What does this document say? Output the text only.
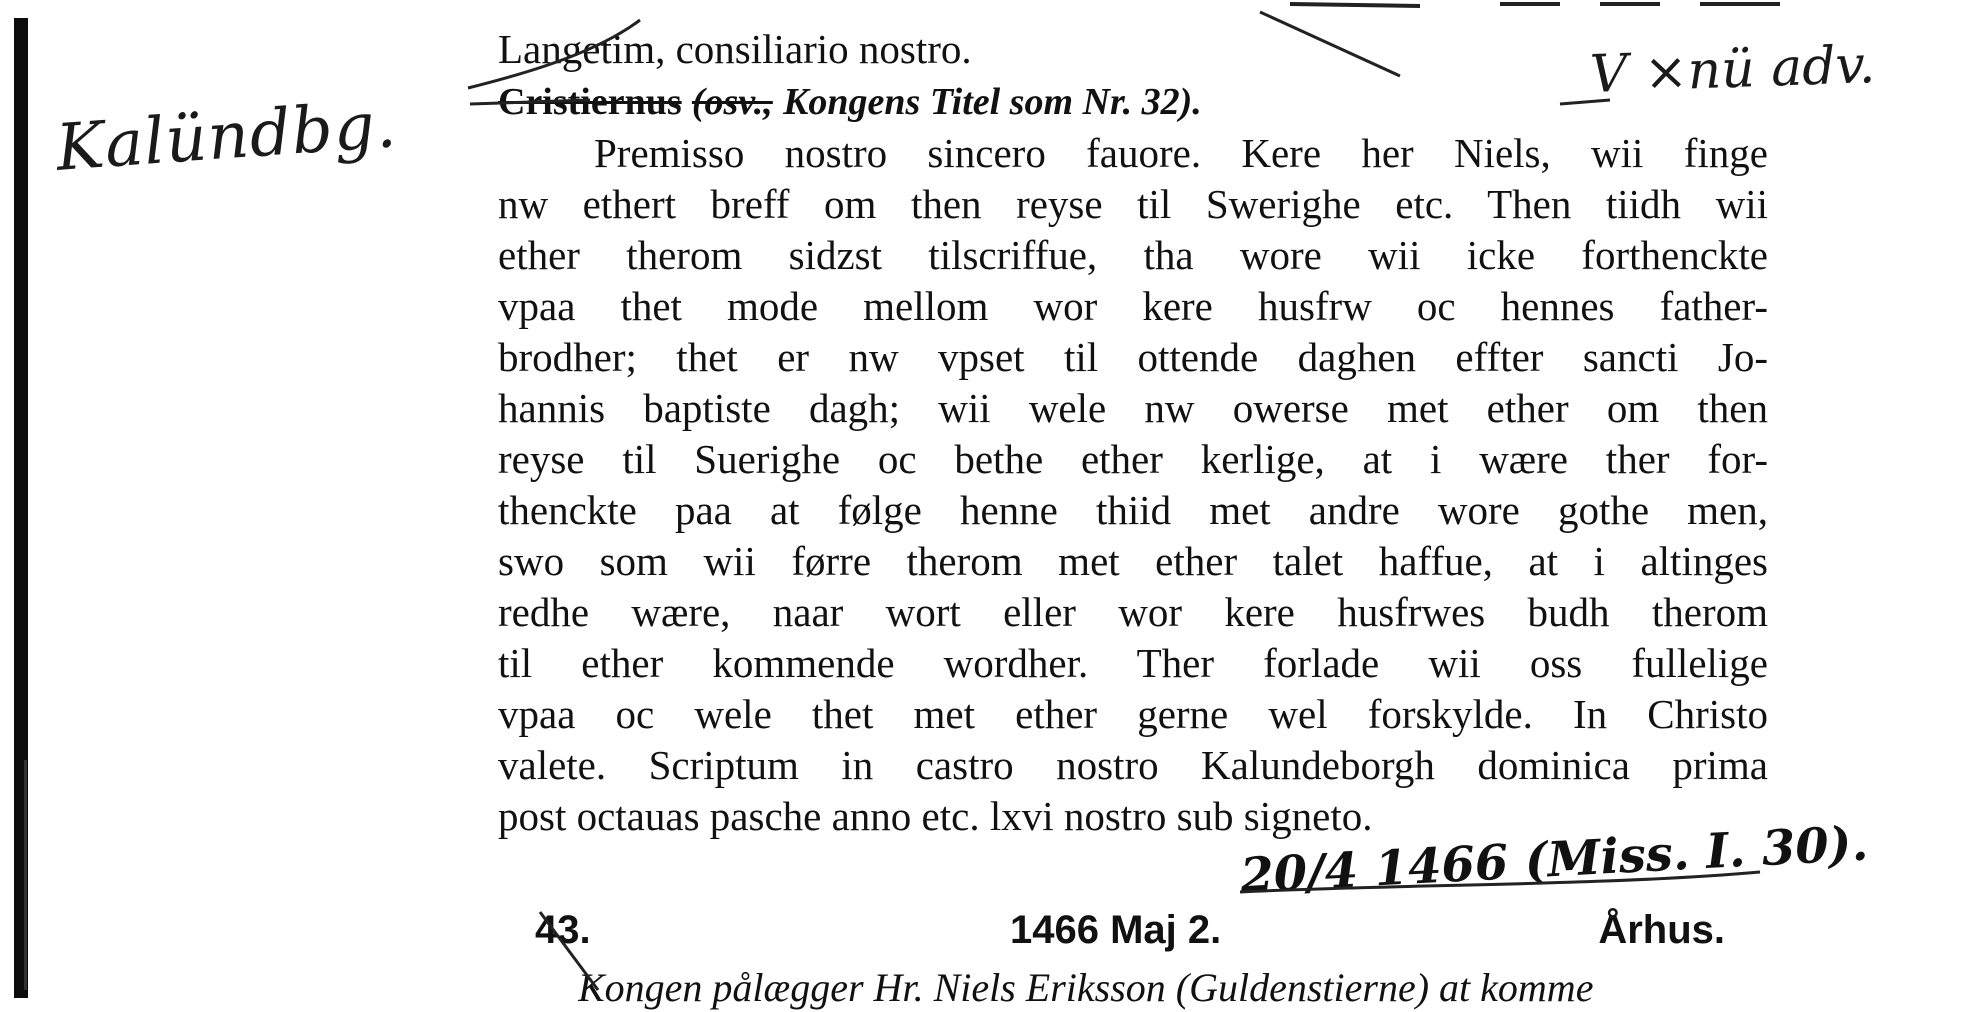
Kalündbg.
V ×nü adv.
Langetim, consiliario nostro.
Cristiernus (osv., Kongens Titel som Nr. 32).
Premisso nostro sincero fauore. Kere her Niels, wii finge
nw ethert breff om then reyse til Swerighe etc. Then tiidh wii
ether therom sidzst tilscriffue, tha wore wii icke forthenckte
vpaa thet mode mellom wor kere husfrw oc hennes father-
brodher; thet er nw vpset til ottende daghen effter sancti Jo-
hannis baptiste dagh; wii wele nw owerse met ether om then
reyse til Suerighe oc bethe ether kerlige, at i wære ther for-
thenckte paa at følge henne thiid met andre wore gothe men,
swo som wii førre therom met ether talet haffue, at i altinges
redhe wære, naar wort eller wor kere husfrwes budh therom
til ether kommende wordher. Ther forlade wii oss fullelige
vpaa oc wele thet met ether gerne wel forskylde. In Christo
valete. Scriptum in castro nostro Kalundeborgh dominica prima
post octauas pasche anno etc. lxvi nostro sub signeto.
20/4 1466 (Miss. I. 30).
43.	1466 Maj 2.	Århus.
Kongen pålægger Hr. Niels Eriksson (Guldenstierne) at komme
